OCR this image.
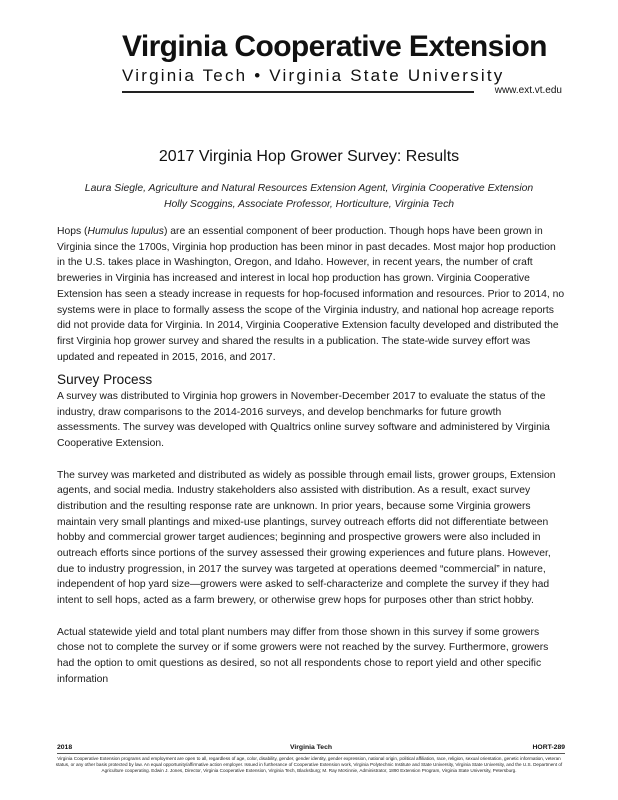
Virginia Cooperative Extension
Virginia Tech • Virginia State University
www.ext.vt.edu
2017 Virginia Hop Grower Survey: Results
Laura Siegle, Agriculture and Natural Resources Extension Agent, Virginia Cooperative Extension
Holly Scoggins, Associate Professor, Horticulture, Virginia Tech

Hops (Humulus lupulus) are an essential component of beer production. Though hops have been grown in Virginia since the 1700s, Virginia hop production has been minor in past decades. Most major hop production in the U.S. takes place in Washington, Oregon, and Idaho. However, in recent years, the number of craft breweries in Virginia has increased and interest in local hop production has grown. Virginia Cooperative Extension has seen a steady increase in requests for hop-focused information and resources. Prior to 2014, no systems were in place to formally assess the scope of the Virginia industry, and national hop acreage reports did not provide data for Virginia. In 2014, Virginia Cooperative Extension faculty developed and distributed the first Virginia hop grower survey and shared the results in a publication. The state-wide survey effort was updated and repeated in 2015, 2016, and 2017.

Survey Process

A survey was distributed to Virginia hop growers in November-December 2017 to evaluate the status of the industry, draw comparisons to the 2014-2016 surveys, and develop benchmarks for future growth assessments. The survey was developed with Qualtrics online survey software and administered by Virginia Cooperative Extension.

The survey was marketed and distributed as widely as possible through email lists, grower groups, Extension agents, and social media. Industry stakeholders also assisted with distribution. As a result, exact survey distribution and the resulting response rate are unknown. In prior years, because some Virginia growers maintain very small plantings and mixed-use plantings, survey outreach efforts did not differentiate between hobby and commercial grower target audiences; beginning and prospective growers were also included in outreach efforts since portions of the survey assessed their growing experiences and future plans. However, due to industry progression, in 2017 the survey was targeted at operations deemed “commercial” in nature, independent of hop yard size—growers were asked to self-characterize and complete the survey if they had intent to sell hops, acted as a farm brewery, or otherwise grew hops for purposes other than strict hobby.

Actual statewide yield and total plant numbers may differ from those shown in this survey if some growers chose not to complete the survey or if some growers were not reached by the survey. Furthermore, growers had the option to omit questions as desired, so not all respondents chose to report yield and other specific information

2018	Virginia Tech	HORT-289
Virginia Cooperative Extension programs and employment are open to all, regardless of age, color, disability, gender, gender identity, gender expression, national origin, political affiliation, race, religion, sexual orientation, genetic information, veteran status, or any other basis protected by law. An equal opportunity/affirmative action employer. Issued in furtherance of Cooperative Extension work, Virginia Polytechnic Institute and State University, Virginia State University, and the U.S. Department of Agriculture cooperating. Edwin J. Jones, Director, Virginia Cooperative Extension, Virginia Tech, Blacksburg; M. Ray McKinnie, Administrator, 1890 Extension Program, Virginia State University, Petersburg.
